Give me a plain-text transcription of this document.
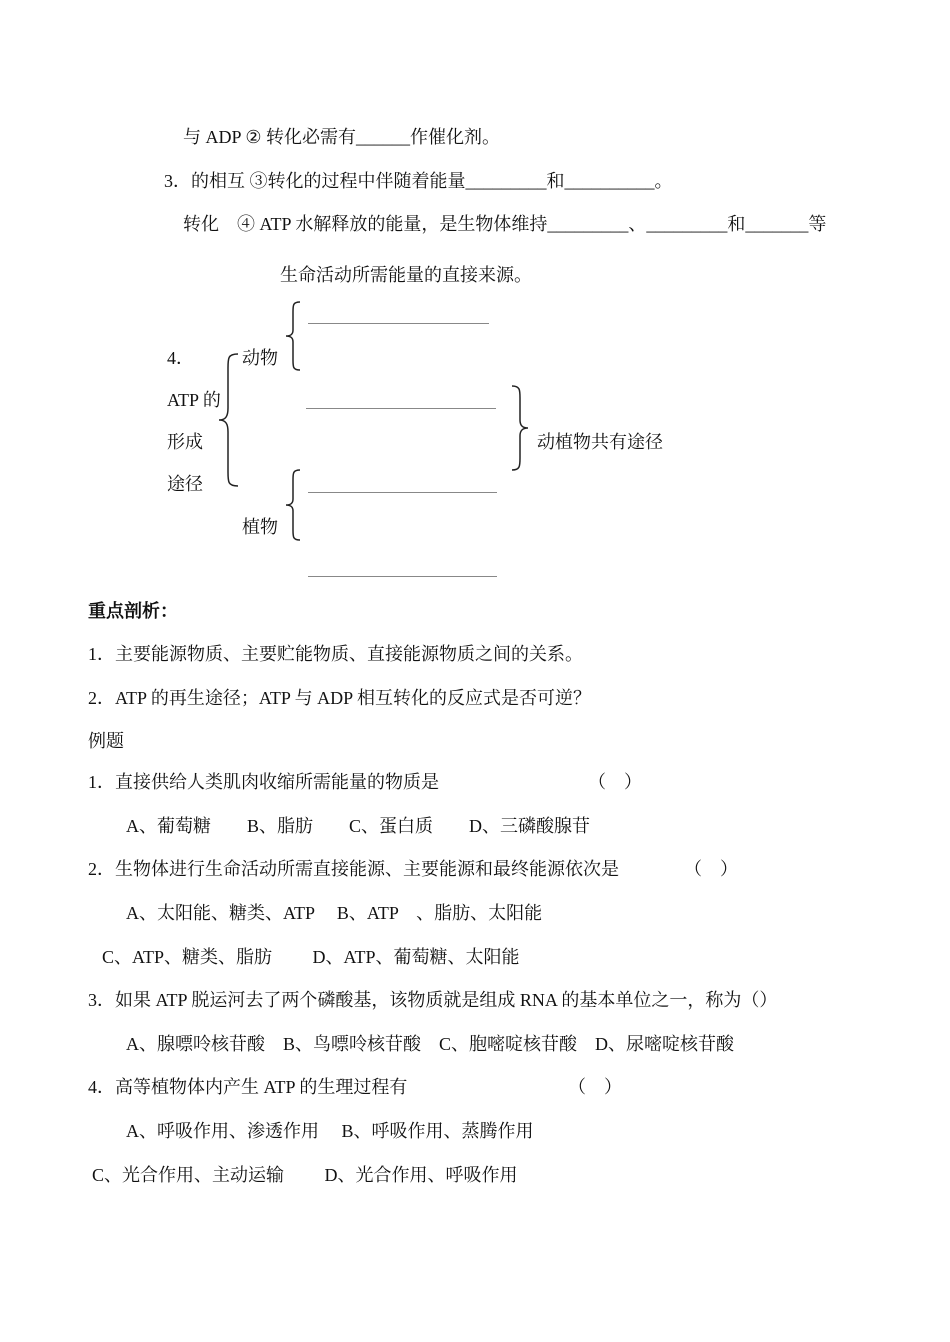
与 ADP ② 转化必需有______作催化剂。
3．的相互 ③转化的过程中伴随着能量_________和__________。
转化　④ ATP 水解释放的能量，是生物体维持_________、_________和_______等
生命活动所需能量的直接来源。
4．
ATP 的
形成
途径
动物
动植物共有途径
植物
重点剖析：
1．主要能源物质、主要贮能物质、直接能源物质之间的关系。
2．ATP 的再生途径；ATP 与 ADP 相互转化的反应式是否可逆？
例题
1．直接供给人类肌肉收缩所需能量的物质是	（　）
A、葡萄糖　　B、脂肪　　C、蛋白质　　D、三磷酸腺苷
2．生物体进行生命活动所需直接能源、主要能源和最终能源依次是	（　）
A、太阳能、糖类、ATP　 B、ATP　、脂肪、太阳能
C、ATP、糖类、脂肪　　 D、ATP、葡萄糖、太阳能
3．如果 ATP 脱运河去了两个磷酸基，该物质就是组成 RNA 的基本单位之一，称为（）
A、腺嘌呤核苷酸　B、鸟嘌呤核苷酸　C、胞嘧啶核苷酸　D、尿嘧啶核苷酸
4．高等植物体内产生 ATP 的生理过程有	（　）
A、呼吸作用、渗透作用　 B、呼吸作用、蒸腾作用
C、光合作用、主动运输　　 D、光合作用、呼吸作用
